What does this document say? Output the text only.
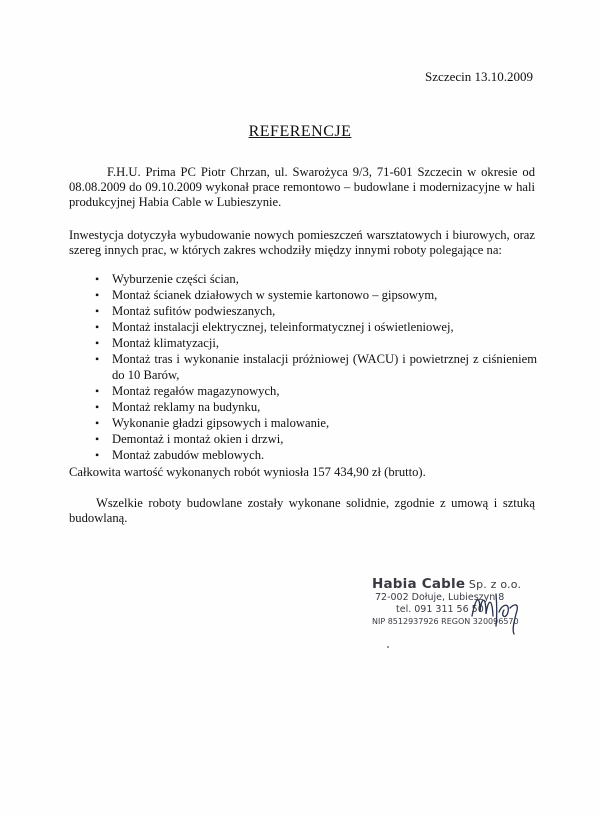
Szczecin 13.10.2009
REFERENCJE
F.H.U. Prima PC Piotr Chrzan, ul. Swarożyca 9/3, 71-601 Szczecin w okresie od 08.08.2009 do 09.10.2009 wykonał prace remontowo – budowlane i modernizacyjne w hali produkcyjnej Habia Cable w Lubieszynie.
Inwestycja dotyczyła wybudowanie nowych pomieszczeń warsztatowych i biurowych, oraz szereg innych prac, w których zakres wchodziły między innymi roboty polegające na:
• Wyburzenie części ścian,
• Montaż ścianek działowych w systemie kartonowo – gipsowym,
• Montaż sufitów podwieszanych,
• Montaż instalacji elektrycznej, teleinformatycznej i oświetleniowej,
• Montaż klimatyzacji,
• Montaż tras i wykonanie instalacji próżniowej (WACU) i powietrznej z ciśnieniem do 10 Barów,
• Montaż regałów magazynowych,
• Montaż reklamy na budynku,
• Wykonanie gładzi gipsowych i malowanie,
• Demontaż i montaż okien i drzwi,
• Montaż zabudów meblowych.
Całkowita wartość wykonanych robót wyniosła 157 434,90 zł (brutto).
Wszelkie roboty budowlane zostały wykonane solidnie, zgodnie z umową i sztuką budowlaną.
Habia Cable Sp. z o.o.
72-002 Dołuje, Lubieszyn 8
tel. 091 311 56 50
NIP 8512937926 REGON 320096570
